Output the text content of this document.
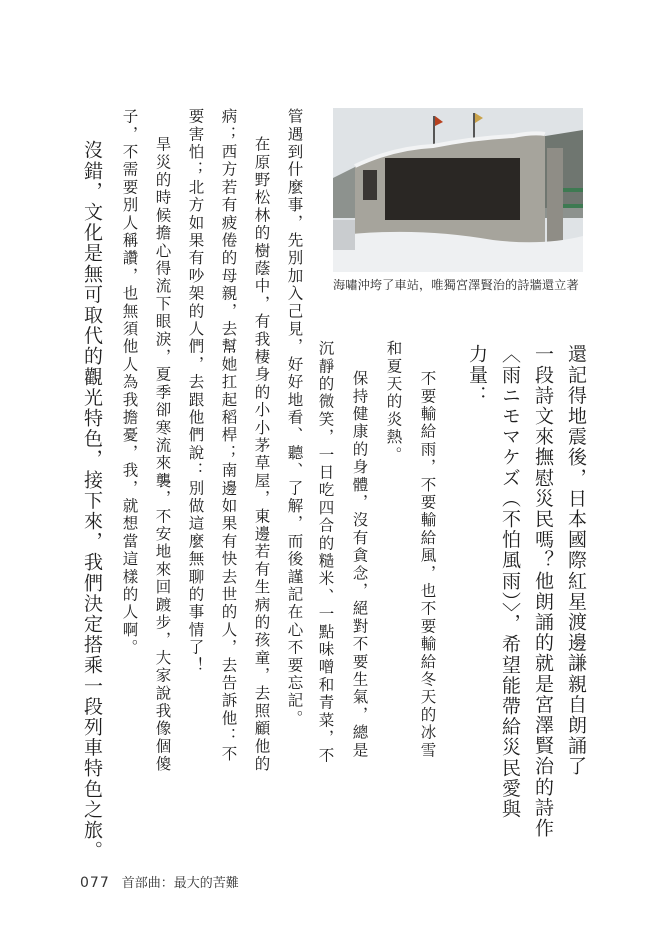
海嘯沖垮了車站，唯獨宮澤賢治的詩牆還立著
還記得地震後，日本國際紅星渡邊謙親自朗誦了
一段詩文來撫慰災民嗎？他朗誦的就是宮澤賢治的詩作
〈雨ニモマケズ（不怕風雨）〉，希望能帶給災民愛與
力量：
不要輸給雨，不要輸給風，也不要輸給冬天的冰雪
和夏天的炎熱。
保持健康的身體，沒有貪念，絕對不要生氣，總是
沉靜的微笑，一日吃四合的糙米、一點味噌和青菜，不
管遇到什麼事，先別加入己見，好好地看、聽、了解，而後謹記在心不要忘記。
在原野松林的樹蔭中，有我棲身的小小茅草屋，東邊若有生病的孩童，去照顧他的
病；西方若有疲倦的母親，去幫她扛起稻桿；南邊如果有快去世的人，去告訴他：不
要害怕；北方如果有吵架的人們，去跟他們說：別做這麼無聊的事情了！
旱災的時候擔心得流下眼淚，夏季卻寒流來襲，不安地來回踱步，大家說我像個傻
子，不需要別人稱讚，也無須他人為我擔憂，我，就想當這樣的人啊。
沒錯，文化是無可取代的觀光特色，接下來，我們決定搭乘一段列車特色之旅。
077 首部曲：最大的苦難
